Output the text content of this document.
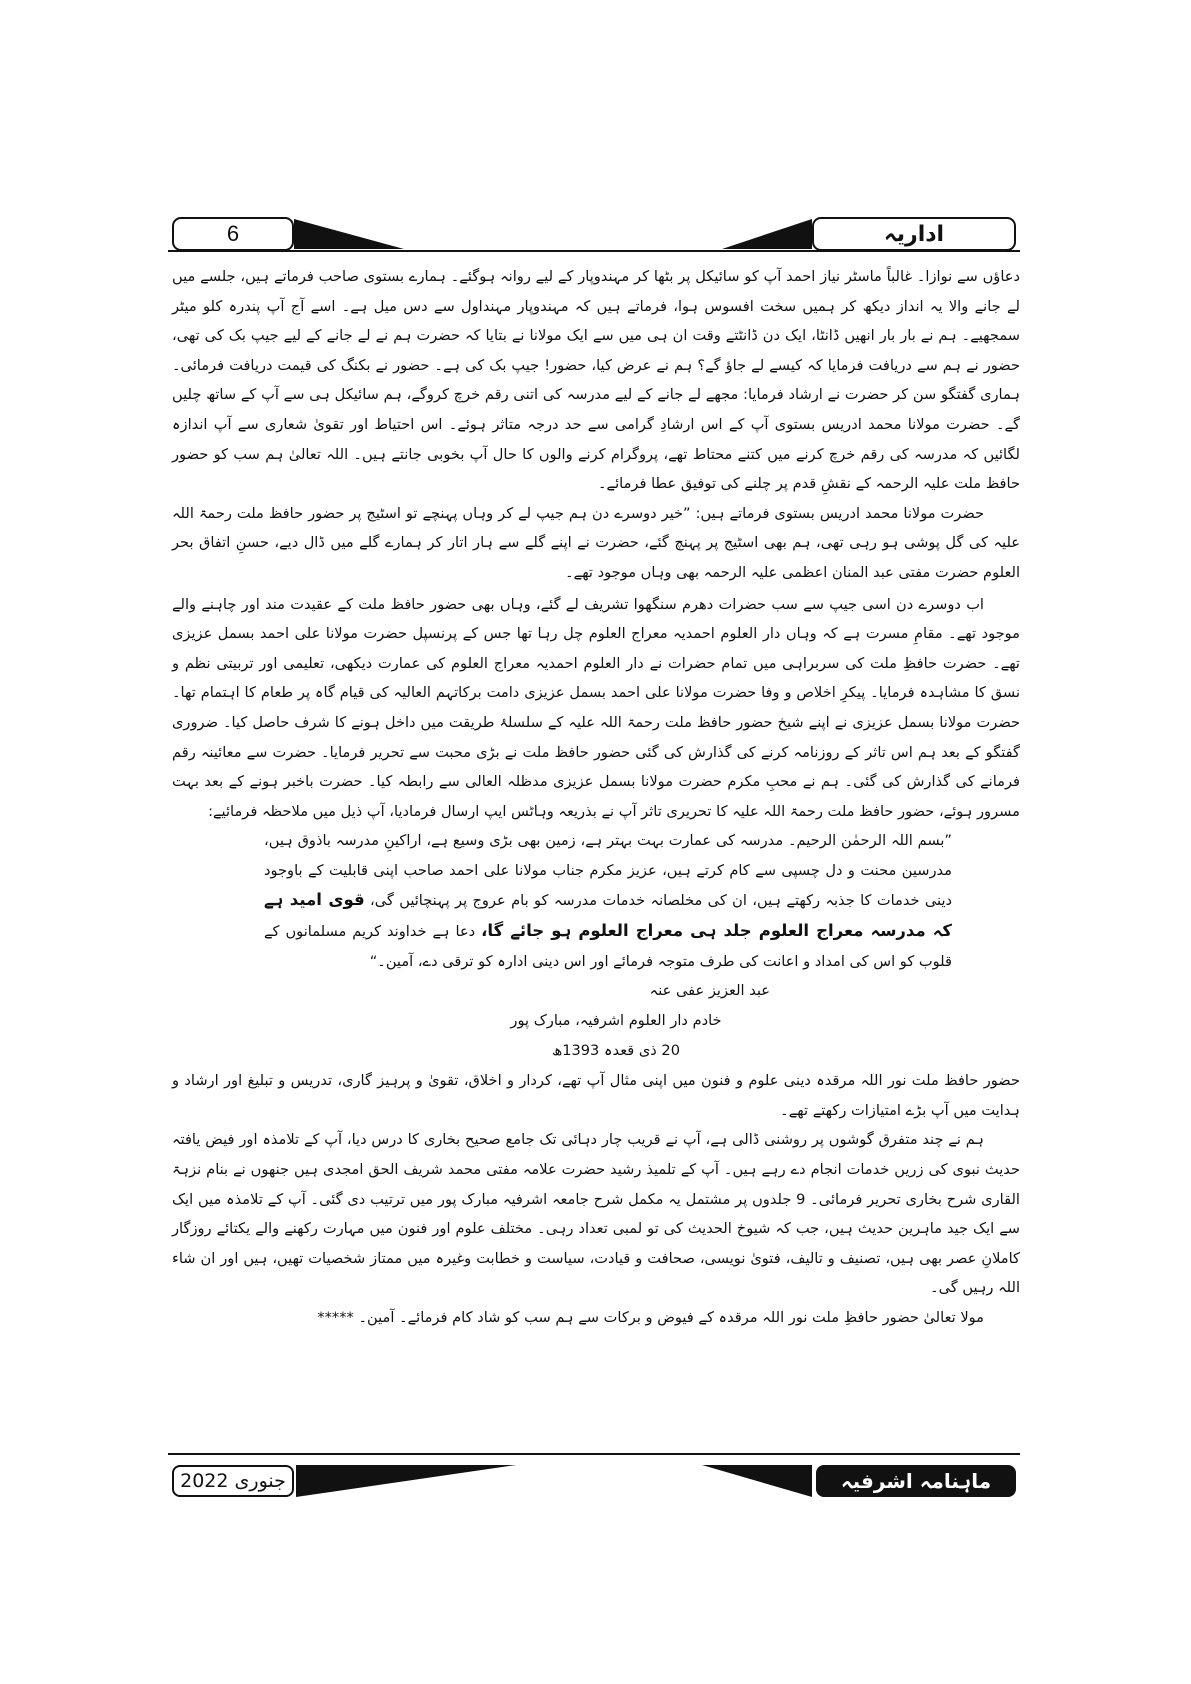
6	اداریہ

دعاؤں سے نوازا۔ غالباً ماسٹر نیاز احمد آپ کو سائیکل پر بٹھا کر مہندوپار کے لیے روانہ ہوگئے۔ ہمارے بستوی صاحب فرماتے ہیں، جلسے میں لے جانے والا یہ انداز دیکھ کر ہمیں سخت افسوس ہوا، فرماتے ہیں کہ مہندوپار مہنداول سے دس میل ہے۔ اسے آج آپ پندرہ کلو میٹر سمجھیے۔ ہم نے بار بار انھیں ڈانٹا، ایک دن ڈانٹتے وقت ان ہی میں سے ایک مولانا نے بتایا کہ حضرت ہم نے لے جانے کے لیے جیپ بک کی تھی، حضور نے ہم سے دریافت فرمایا کہ کیسے لے جاؤ گے؟ ہم نے عرض کیا، حضور! جیپ بک کی ہے۔ حضور نے بکنگ کی قیمت دریافت فرمائی۔ ہماری گفتگو سن کر حضرت نے ارشاد فرمایا: مجھے لے جانے کے لیے مدرسہ کی اتنی رقم خرچ کروگے، ہم سائیکل ہی سے آپ کے ساتھ چلیں گے۔ حضرت مولانا محمد ادریس بستوی آپ کے اس ارشادِ گرامی سے حد درجہ متاثر ہوئے۔ اس احتیاط اور تقویٰ شعاری سے آپ اندازہ لگائیں کہ مدرسہ کی رقم خرچ کرنے میں کتنے محتاط تھے، پروگرام کرنے والوں کا حال آپ بخوبی جانتے ہیں۔ اللہ تعالیٰ ہم سب کو حضور حافظ ملت علیہ الرحمہ کے نقشِ قدم پر چلنے کی توفیق عطا فرمائے۔

حضرت مولانا محمد ادریس بستوی فرماتے ہیں: ”خیر دوسرے دن ہم جیپ لے کر وہاں پہنچے تو اسٹیج پر حضور حافظ ملت رحمۃ اللہ علیہ کی گل پوشی ہو رہی تھی، ہم بھی اسٹیج پر پہنچ گئے، حضرت نے اپنے گلے سے ہار اتار کر ہمارے گلے میں ڈال دیے، حسنِ اتفاق بحر العلوم حضرت مفتی عبد المنان اعظمی علیہ الرحمہ بھی وہاں موجود تھے۔

اب دوسرے دن اسی جیپ سے سب حضرات دھرم سنگھوا تشریف لے گئے، وہاں بھی حضور حافظ ملت کے عقیدت مند اور چاہنے والے موجود تھے۔ مقامِ مسرت ہے کہ وہاں دار العلوم احمدیہ معراج العلوم چل رہا تھا جس کے پرنسپل حضرت مولانا علی احمد بسمل عزیزی تھے۔ حضرت حافظِ ملت کی سربراہی میں تمام حضرات نے دار العلوم احمدیہ معراج العلوم کی عمارت دیکھی، تعلیمی اور تربیتی نظم و نسق کا مشاہدہ فرمایا۔ پیکرِ اخلاص و وفا حضرت مولانا علی احمد بسمل عزیزی دامت برکاتہم العالیہ کی قیام گاہ پر طعام کا اہتمام تھا۔ حضرت مولانا بسمل عزیزی نے اپنے شیخ حضور حافظ ملت رحمۃ اللہ علیہ کے سلسلۂ طریقت میں داخل ہونے کا شرف حاصل کیا۔ ضروری گفتگو کے بعد ہم اس تاثر کے روزنامہ کرنے کی گذارش کی گئی حضور حافظ ملت نے بڑی محبت سے تحریر فرمایا۔ حضرت سے معائینہ رقم فرمانے کی گذارش کی گئی۔ ہم نے محبِ مکرم حضرت مولانا بسمل عزیزی مدظلہ العالی سے رابطہ کیا۔ حضرت باخبر ہونے کے بعد بہت مسرور ہوئے، حضور حافظ ملت رحمۃ اللہ علیہ کا تحریری تاثر آپ نے بذریعہ وہاٹس ایپ ارسال فرمادیا، آپ ذیل میں ملاحظہ فرمائیے:

”بسم اللہ الرحمٰن الرحیم۔ مدرسہ کی عمارت بہت بہتر ہے، زمین بھی بڑی وسیع ہے، اراکینِ مدرسہ باذوق ہیں، مدرسین محنت و دل چسپی سے کام کرتے ہیں، عزیز مکرم جناب مولانا علی احمد صاحب اپنی قابلیت کے باوجود دینی خدمات کا جذبہ رکھتے ہیں، ان کی مخلصانہ خدمات مدرسہ کو بام عروج پر پہنچائیں گی، قوی امید ہے کہ مدرسہ معراج العلوم جلد ہی معراج العلوم ہو جائے گا، دعا ہے خداوند کریم مسلمانوں کے قلوب کو اس کی امداد و اعانت کی طرف متوجہ فرمائے اور اس دینی ادارہ کو ترقی دے، آمین۔“

عبد العزیز عفی عنہ

خادم دار العلوم اشرفیہ، مبارک پور

20 ذی قعدہ 1393ھ

حضور حافظ ملت نور اللہ مرقدہ دینی علوم و فنون میں اپنی مثال آپ تھے، کردار و اخلاق، تقویٰ و پرہیز گاری، تدریس و تبلیغ اور ارشاد و ہدایت میں آپ بڑے امتیازات رکھتے تھے۔

ہم نے چند متفرق گوشوں پر روشنی ڈالی ہے، آپ نے قریب چار دہائی تک جامع صحیح بخاری کا درس دیا، آپ کے تلامذہ اور فیض یافتہ حدیث نبوی کی زریں خدمات انجام دے رہے ہیں۔ آپ کے تلمیذ رشید حضرت علامہ مفتی محمد شریف الحق امجدی ہیں جنھوں نے بنام نزہۃ القاری شرح بخاری تحریر فرمائی۔ 9 جلدوں پر مشتمل یہ مکمل شرح جامعہ اشرفیہ مبارک پور میں ترتیب دی گئی۔ آپ کے تلامذہ میں ایک سے ایک جید ماہرین حدیث ہیں، جب کہ شیوخ الحدیث کی تو لمبی تعداد رہی۔ مختلف علوم اور فنون میں مہارت رکھنے والے یکتائے روزگار کاملانِ عصر بھی ہیں، تصنیف و تالیف، فتویٰ نویسی، صحافت و قیادت، سیاست و خطابت وغیرہ میں ممتاز شخصیات تھیں، ہیں اور ان شاء اللہ رہیں گی۔

مولا تعالیٰ حضور حافظِ ملت نور اللہ مرقدہ کے فیوض و برکات سے ہم سب کو شاد کام فرمائے۔ آمین۔ *****

جنوری 2022	ماہنامہ اشرفیہ
